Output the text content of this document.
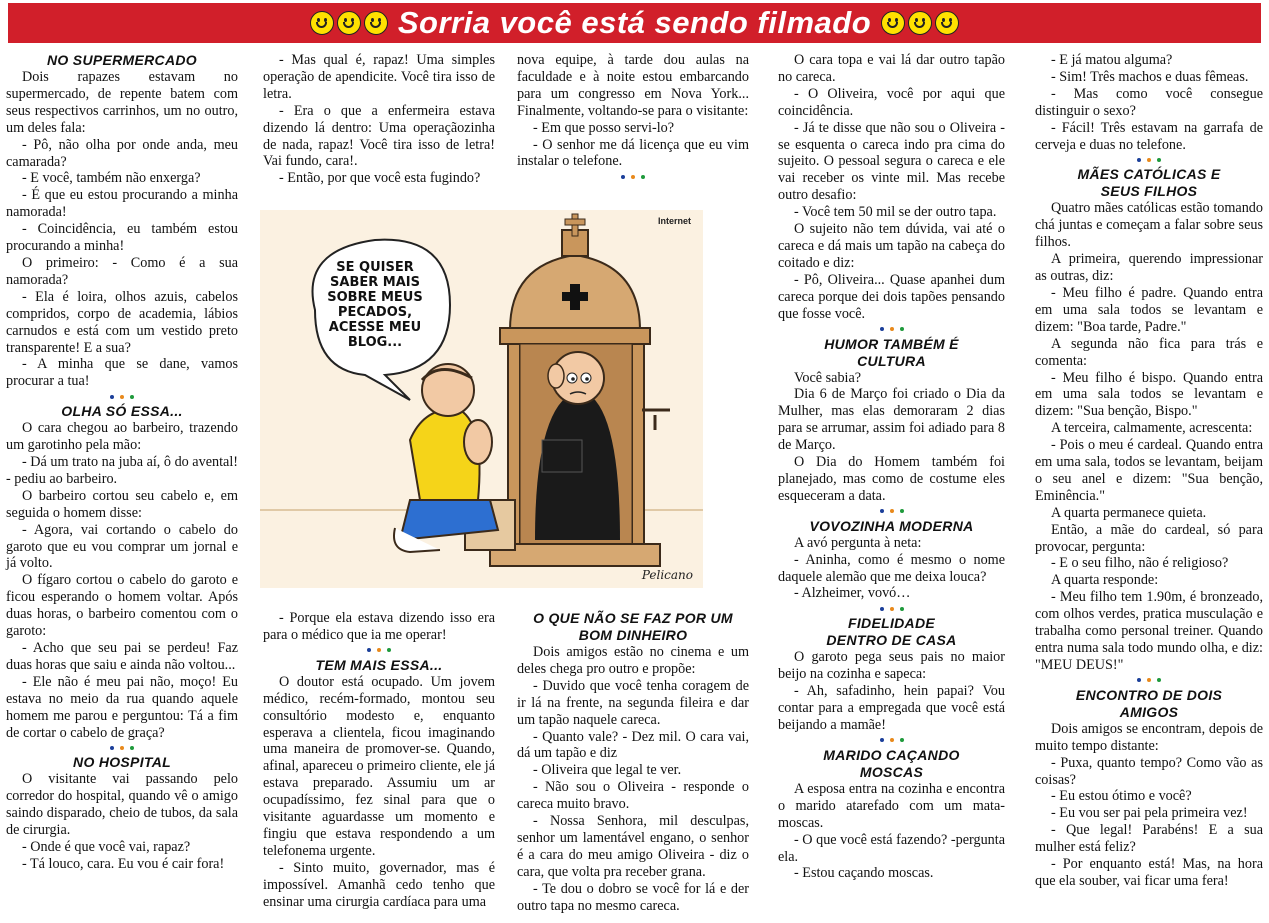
Sorria você está sendo filmado
NO SUPERMERCADO

Dois rapazes estavam no supermercado, de repente batem com seus respectivos carrinhos, um no outro, um deles fala:

- Pô, não olha por onde anda, meu camarada?

- E você, também não enxerga?

- É que eu estou procurando a minha namorada!

- Coincidência, eu também estou procurando a minha!

O primeiro: - Como é a sua namorada?

- Ela é loira, olhos azuis, cabelos compridos, corpo de academia, lábios carnudos e está com um vestido preto transparente! E a sua?

- A minha que se dane, vamos procurar a tua!

OLHA SÓ ESSA...

O cara chegou ao barbeiro, trazendo um garotinho pela mão:

- Dá um trato na juba aí, ô do avental! - pediu ao barbeiro.

O barbeiro cortou seu cabelo e, em seguida o homem disse:

- Agora, vai cortando o cabelo do garoto que eu vou comprar um jornal e já volto.

O fígaro cortou o cabelo do garoto e ficou esperando o homem voltar. Após duas horas, o barbeiro comentou com o garoto:

- Acho que seu pai se perdeu! Faz duas horas que saiu e ainda não voltou...

- Ele não é meu pai não, moço! Eu estava no meio da rua quando aquele homem me parou e perguntou: Tá a fim de cortar o cabelo de graça?

NO HOSPITAL

O visitante vai passando pelo corredor do hospital, quando vê o amigo saindo disparado, cheio de tubos, da sala de cirurgia.

- Onde é que você vai, rapaz?

- Tá louco, cara. Eu vou é cair fora!

- Mas qual é, rapaz! Uma simples operação de apendicite. Você tira isso de letra.

- Era o que a enfermeira estava dizendo lá dentro: Uma operaçãozinha de nada, rapaz! Você tira isso de letra! Vai fundo, cara!.

- Então, por que você esta fugindo?

nova equipe, à tarde dou aulas na faculdade e à noite estou embarcando para um congresso em Nova York... Finalmente, voltando-se para o visitante:

- Em que posso servi-lo?

- O senhor me dá licença que eu vim instalar o telefone.

Internet
SE QUISER SABER MAIS SOBRE MEUS PECADOS, ACESSE MEU BLOG...
Pelicano

- Porque ela estava dizendo isso era para o médico que ia me operar!

TEM MAIS ESSA...

O doutor está ocupado. Um jovem médico, recém-formado, montou seu consultório modesto e, enquanto esperava a clientela, ficou imaginando uma maneira de promover-se. Quando, afinal, apareceu o primeiro cliente, ele já estava preparado. Assumiu um ar ocupadíssimo, fez sinal para que o visitante aguardasse um momento e fingiu que estava respondendo a um telefonema urgente.

- Sinto muito, governador, mas é impossível. Amanhã cedo tenho que ensinar uma cirurgia cardíaca para uma

O QUE NÃO SE FAZ POR UM BOM DINHEIRO

Dois amigos estão no cinema e um deles chega pro outro e propõe:

- Duvido que você tenha coragem de ir lá na frente, na segunda fileira e dar um tapão naquele careca.

- Quanto vale? - Dez mil. O cara vai, dá um tapão e diz

- Oliveira que legal te ver.

- Não sou o Oliveira - responde o careca muito bravo.

- Nossa Senhora, mil desculpas, senhor um lamentável engano, o senhor é a cara do meu amigo Oliveira - diz o cara, que volta pra receber grana.

- Te dou o dobro se você for lá e der outro tapa no mesmo careca.

O cara topa e vai lá dar outro tapão no careca.

- O Oliveira, você por aqui que coincidência.

- Já te disse que não sou o Oliveira - se esquenta o careca indo pra cima do sujeito. O pessoal segura o careca e ele vai receber os vinte mil. Mas recebe outro desafio:

- Você tem 50 mil se der outro tapa.

O sujeito não tem dúvida, vai até o careca e dá mais um tapão na cabeça do coitado e diz:

- Pô, Oliveira... Quase apanhei dum careca porque dei dois tapões pensando que fosse você.

HUMOR TAMBÉM É CULTURA

Você sabia?

Dia 6 de Março foi criado o Dia da Mulher, mas elas demoraram 2 dias para se arrumar, assim foi adiado para 8 de Março.

O Dia do Homem também foi planejado, mas como de costume eles esqueceram a data.

VOVOZINHA MODERNA

A avó pergunta à neta:

- Aninha, como é mesmo o nome daquele alemão que me deixa louca?

- Alzheimer, vovó…

FIDELIDADE DENTRO DE CASA

O garoto pega seus pais no maior beijo na cozinha e sapeca:

- Ah, safadinho, hein papai? Vou contar para a empregada que você está beijando a mamãe!

MARIDO CAÇANDO MOSCAS

A esposa entra na cozinha e encontra o marido atarefado com um mata-moscas.

- O que você está fazendo? -pergunta ela.

- Estou caçando moscas.

- E já matou alguma?

- Sim! Três machos e duas fêmeas.

- Mas como você consegue distinguir o sexo?

- Fácil! Três estavam na garrafa de cerveja e duas no telefone.

MÃES CATÓLICAS E SEUS FILHOS

Quatro mães católicas estão tomando chá juntas e começam a falar sobre seus filhos.

A primeira, querendo impressionar as outras, diz:

- Meu filho é padre. Quando entra em uma sala todos se levantam e dizem: "Boa tarde, Padre."

A segunda não fica para trás e comenta:

- Meu filho é bispo. Quando entra em uma sala todos se levantam e dizem: "Sua benção, Bispo."

A terceira, calmamente, acrescenta:

- Pois o meu é cardeal. Quando entra em uma sala, todos se levantam, beijam o seu anel e dizem: "Sua benção, Eminência."

A quarta permanece quieta.

Então, a mãe do cardeal, só para provocar, pergunta:

- E o seu filho, não é religioso?

A quarta responde:

- Meu filho tem 1.90m, é bronzeado, com olhos verdes, pratica musculação e trabalha como personal treiner. Quando entra numa sala todo mundo olha, e diz: "MEU DEUS!"

ENCONTRO DE DOIS AMIGOS

Dois amigos se encontram, depois de muito tempo distante:

- Puxa, quanto tempo? Como vão as coisas?

- Eu estou ótimo e você?

- Eu vou ser pai pela primeira vez!

- Que legal! Parabéns! E a sua mulher está feliz?

- Por enquanto está! Mas, na hora que ela souber, vai ficar uma fera!
